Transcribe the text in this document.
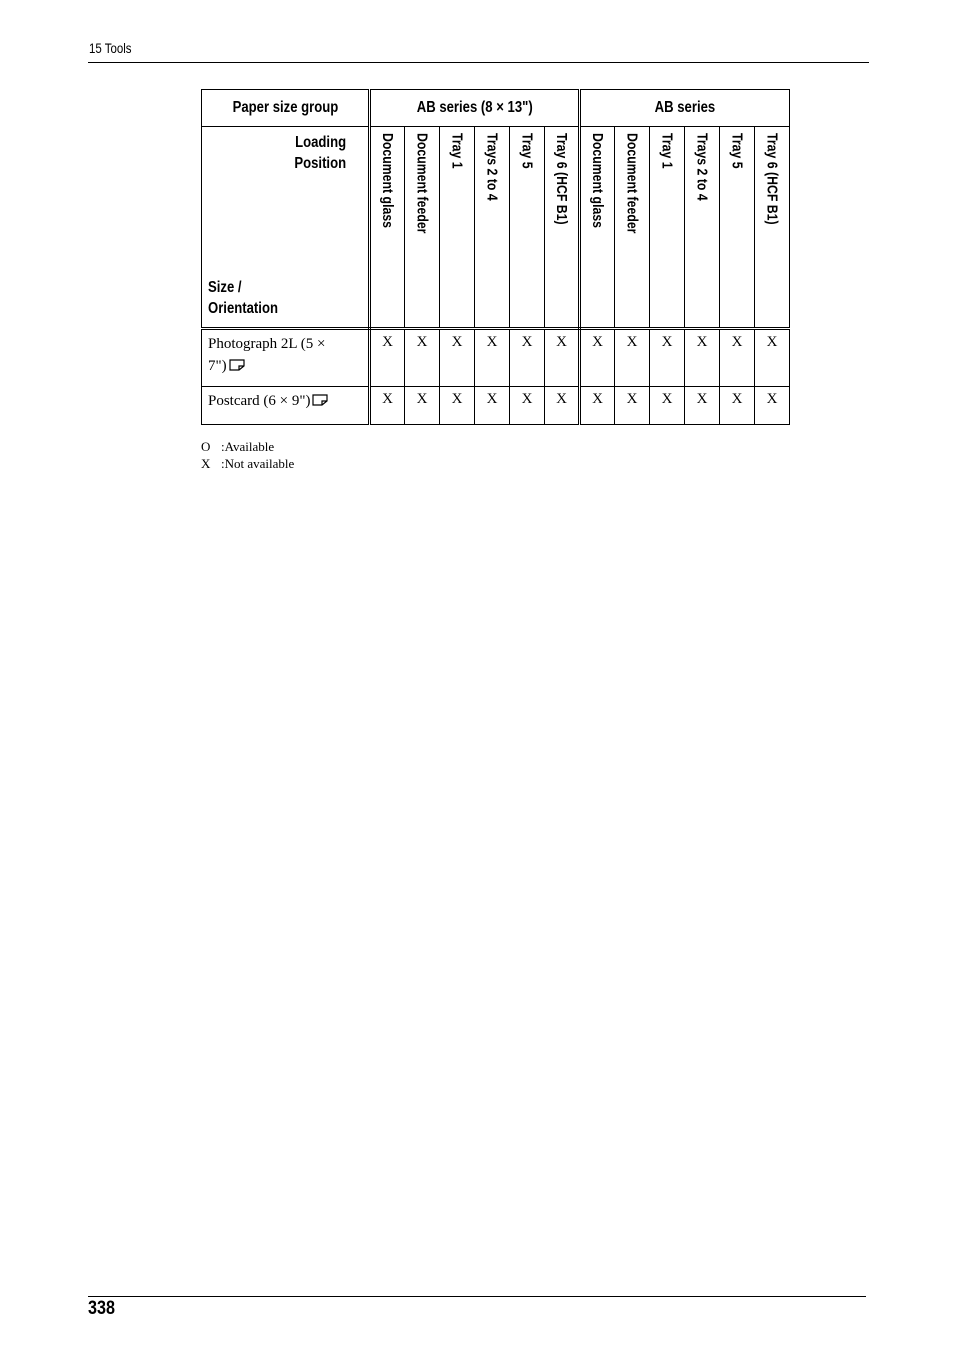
15 Tools
Paper size group	AB series (8 × 13")						AB series					

Loading
Position
Size /
Orientation	Document glass	Document feeder	Tray 1	Trays 2 to 4	Tray 5	Tray 6 (HCF B1)	Document glass	Document feeder	Tray 1	Trays 2 to 4	Tray 5	Tray 6 (HCF B1)

Photograph 2L (5 ×
7")	X	X	X	X	X	X	X	X	X	X	X	X
Postcard (6 × 9")	X	X	X	X	X	X	X	X	X	X	X	X
O :Available
X :Not available
338
